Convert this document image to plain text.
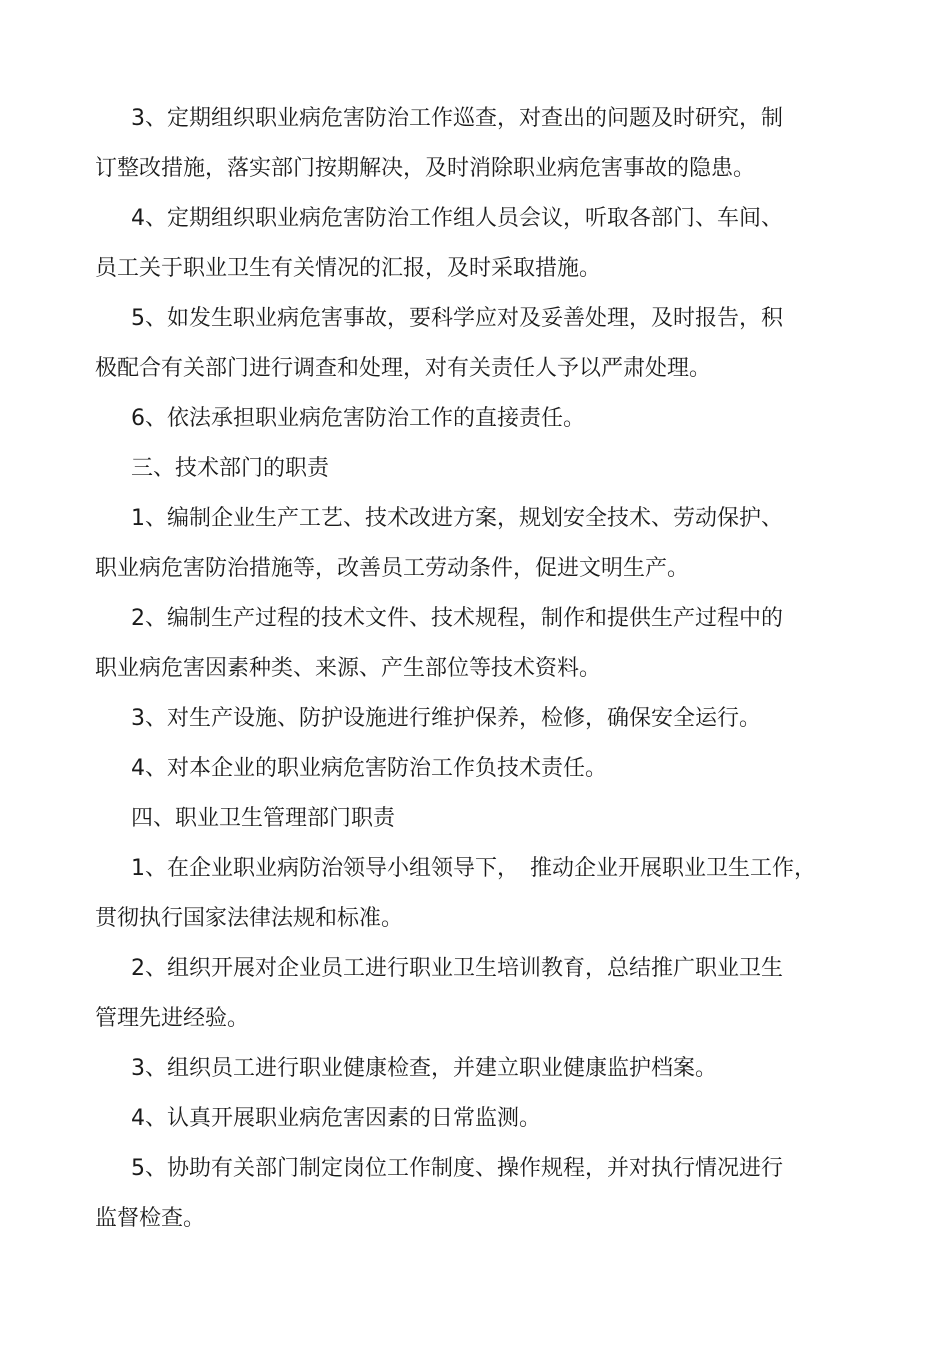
3、定期组织职业病危害防治工作巡查，对查出的问题及时研究，制
订整改措施，落实部门按期解决，及时消除职业病危害事故的隐患。
4、定期组织职业病危害防治工作组人员会议，听取各部门、车间、
员工关于职业卫生有关情况的汇报，及时采取措施。
5、如发生职业病危害事故，要科学应对及妥善处理，及时报告，积
极配合有关部门进行调查和处理，对有关责任人予以严肃处理。
6、依法承担职业病危害防治工作的直接责任。
三、技术部门的职责
1、编制企业生产工艺、技术改进方案，规划安全技术、劳动保护、
职业病危害防治措施等，改善员工劳动条件，促进文明生产。
2、编制生产过程的技术文件、技术规程，制作和提供生产过程中的
职业病危害因素种类、来源、产生部位等技术资料。
3、对生产设施、防护设施进行维护保养，检修，确保安全运行。
4、对本企业的职业病危害防治工作负技术责任。
四、职业卫生管理部门职责
1、在企业职业病防治领导小组领导下，　推动企业开展职业卫生工作，
贯彻执行国家法律法规和标准。
2、组织开展对企业员工进行职业卫生培训教育，总结推广职业卫生
管理先进经验。
3、组织员工进行职业健康检查，并建立职业健康监护档案。
4、认真开展职业病危害因素的日常监测。
5、协助有关部门制定岗位工作制度、操作规程，并对执行情况进行
监督检查。
